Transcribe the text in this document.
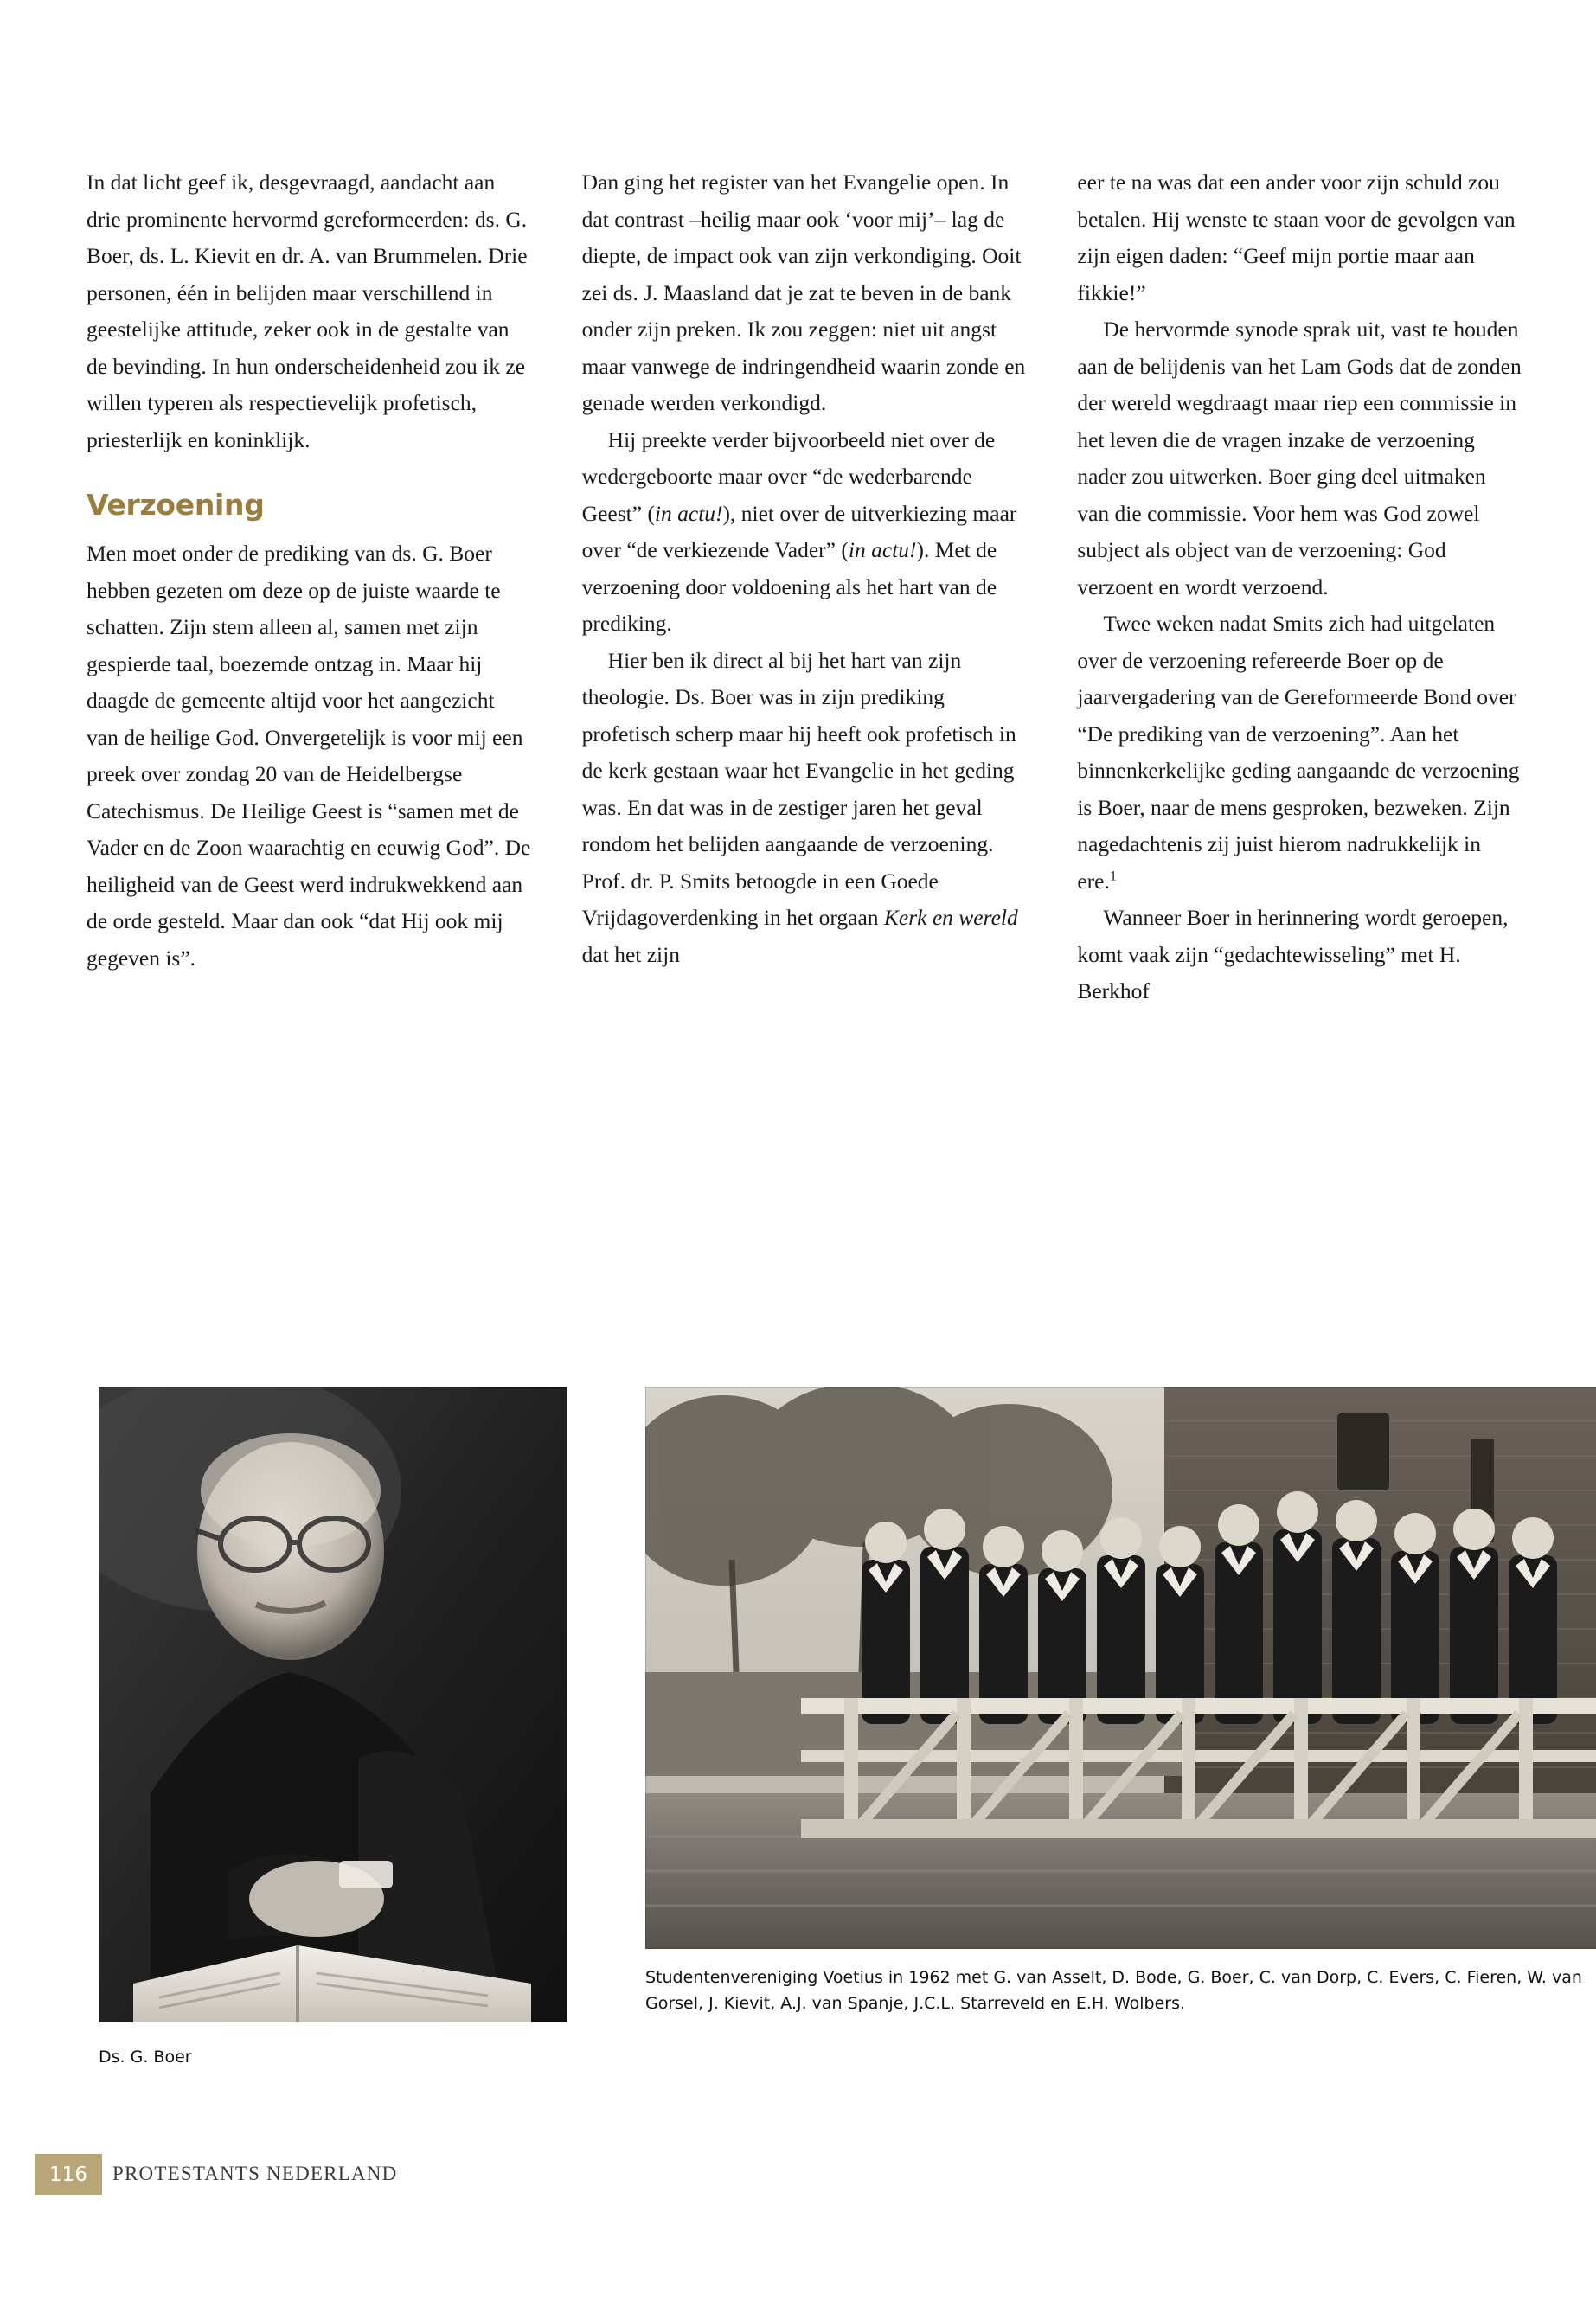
In dat licht geef ik, desgevraagd, aandacht aan drie prominente hervormd gereformeerden: ds. G. Boer, ds. L. Kievit en dr. A. van Brummelen. Drie personen, één in belijden maar verschillend in geestelijke attitude, zeker ook in de gestalte van de bevinding. In hun onderscheidenheid zou ik ze willen typeren als respectievelijk profetisch, priesterlijk en koninklijk.

Verzoening

Men moet onder de prediking van ds. G. Boer hebben gezeten om deze op de juiste waarde te schatten. Zijn stem alleen al, samen met zijn gespierde taal, boezemde ontzag in. Maar hij daagde de gemeente altijd voor het aangezicht van de heilige God. Onvergetelijk is voor mij een preek over zondag 20 van de Heidelbergse Catechismus. De Heilige Geest is “samen met de Vader en de Zoon waarachtig en eeuwig God”. De heiligheid van de Geest werd indrukwekkend aan de orde gesteld. Maar dan ook “dat Hij ook mij gegeven is”.

Dan ging het register van het Evangelie open. In dat contrast –heilig maar ook ‘voor mij’– lag de diepte, de impact ook van zijn verkondiging. Ooit zei ds. J. Maasland dat je zat te beven in de bank onder zijn preken. Ik zou zeggen: niet uit angst maar vanwege de indringendheid waarin zonde en genade werden verkondigd.

Hij preekte verder bijvoorbeeld niet over de wedergeboorte maar over “de wederbarende Geest” (in actu!), niet over de uitverkiezing maar over “de verkiezende Vader” (in actu!). Met de verzoening door voldoening als het hart van de prediking.

Hier ben ik direct al bij het hart van zijn theologie. Ds. Boer was in zijn prediking profetisch scherp maar hij heeft ook profetisch in de kerk gestaan waar het Evangelie in het geding was. En dat was in de zestiger jaren het geval rondom het belijden aangaande de verzoening. Prof. dr. P. Smits betoogde in een Goede Vrijdagoverdenking in het orgaan Kerk en wereld dat het zijn

eer te na was dat een ander voor zijn schuld zou betalen. Hij wenste te staan voor de gevolgen van zijn eigen daden: “Geef mijn portie maar aan fikkie!”

De hervormde synode sprak uit, vast te houden aan de belijdenis van het Lam Gods dat de zonden der wereld wegdraagt maar riep een commissie in het leven die de vragen inzake de verzoening nader zou uitwerken. Boer ging deel uitmaken van die commissie. Voor hem was God zowel subject als object van de verzoening: God verzoent en wordt verzoend.

Twee weken nadat Smits zich had uitgelaten over de verzoening refereerde Boer op de jaarvergadering van de Gereformeerde Bond over “De prediking van de verzoening”. Aan het binnenkerkelijke geding aangaande de verzoening is Boer, naar de mens gesproken, bezweken. Zijn nagedachtenis zij juist hierom nadrukkelijk in ere.$^1$

Wanneer Boer in herinnering wordt geroepen, komt vaak zijn “gedachtewisseling” met H. Berkhof

Ds. G. Boer
Studentenvereniging Voetius in 1962 met G. van Asselt, D. Bode, G. Boer, C. van Dorp, C. Evers, C. Fieren, W. van Gorsel, J. Kievit, A.J. van Spanje, J.C.L. Starreveld en E.H. Wolbers.
116	PROTESTANTS NEDERLAND
